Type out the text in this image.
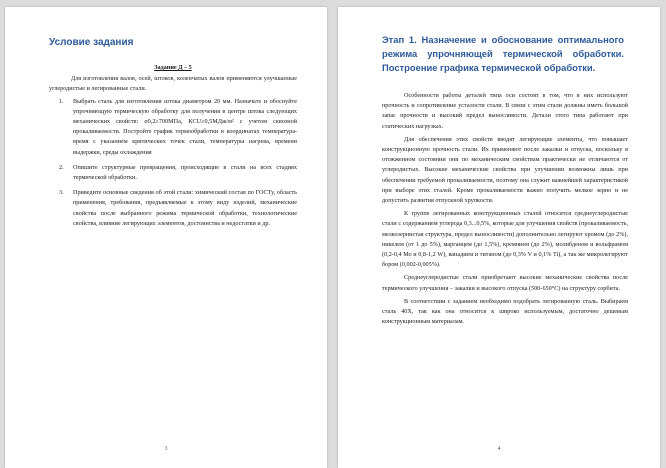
Условие задания
Задание Д – 5

Для изготовления валов, осей, штоков, коленчатых валов применяются улучшаемые углеродистые и легированные стали.

1. Выбрать сталь для изготовления штока диаметром 20 мм. Назначьте и обоснуйте упрочняющую термическую обработку для получения в центре штока следующих механических свойств: σ0,2≥700МПа, КCU≥0,5МДж/м² с учетом сквозной прокаливаемости. Постройте график термообработки в координатах температура-время с указанием критических точек стали, температуры нагрева, времени выдержки, среды охлаждения
2. Опишите структурные превращения, происходящие в стали на всех стадиях термической обработки.
3. Приведите основные сведения об этой стали: химический состав по ГОСТу, область применения, требования, предъявляемые к этому виду изделий, механические свойства после выбранного режима термической обработки, технологические свойства, влияние легирующих элементов, достоинства и недостатки и др.
3
Этап 1. Назначение и обоснование оптимального режима упрочняющей термической обработки. Построение графика термической обработки.

Особенности работы деталей типа оси состоят в том, что в них используют прочность и сопротивление усталости стали. В связи с этим стали должны иметь большой запас прочности и высокий предел выносливости. Детали этого типа работают при статических нагрузках.

Для обеспечения этих свойств вводят легирующие элементы, что повышает конструкционную прочность стали. Их применяют после закалки и отпуска, поскольку в отожженном состоянии они по механическим свойствам практически не отличаются от углеродистых. Высокие механические свойства при улучшении возможны лишь при обеспечении требуемой прокаливаемости, поэтому она служит важнейшей характеристикой при выборе этих сталей. Кроме прокаливаемости важно получить мелкое зерно и не допустить развития отпускной хрупкости.

К группе легированных конструкционных сталей относятся среднеуглеродистые стали с содержанием углерода 0,3...0,5%, которые для улучшения свойств (прокаливаемость, мелкозернистая структура, предел выносливости) дополнительно легируют хромом (до 2%), никелем (от 1 до 5%), марганцем (до 1,5%), кремнием (до 2%), молибденом и вольфрамом (0,2-0,4 Мо и 0,8-1,2 W), ванадием и титаном (до 0,3% V и 0,1% Ti), а так же микролегируют бором (0,002-0,005%).

Среднеуглеродистые стали приобретают высокие механические свойства после термического улучшения – закалки и высокого отпуска (500-650°С) на структуру сорбита.

В соответствии с заданием необходимо подобрать легированную сталь. Выбираем сталь 40Х, так как она относится к широко используемым, достаточно дешевым конструкционным материалам.

4
